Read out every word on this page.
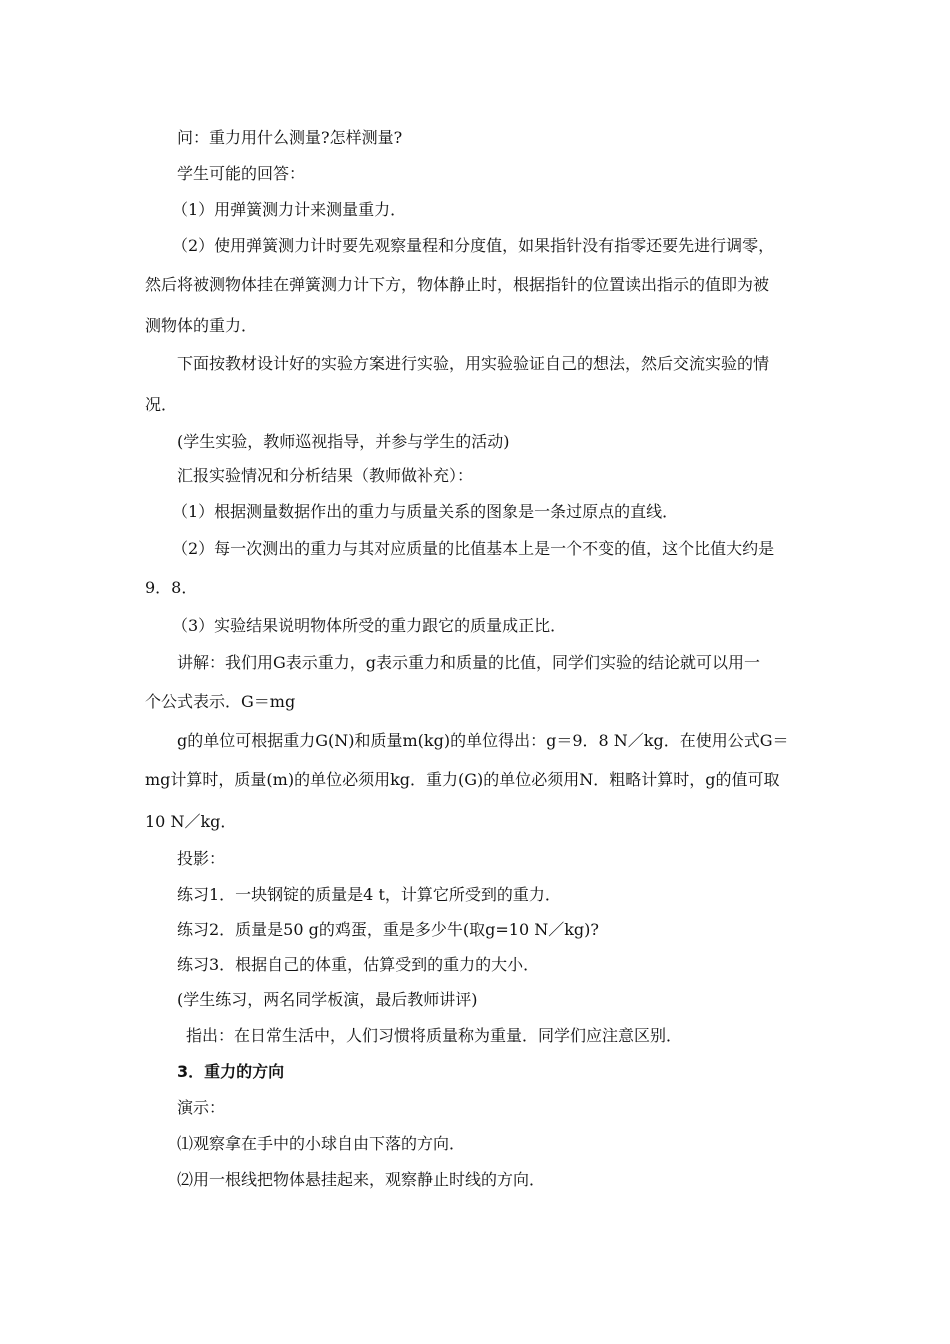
问：重力用什么测量?怎样测量?
学生可能的回答：
（1）用弹簧测力计来测量重力．
（2）使用弹簧测力计时要先观察量程和分度值，如果指针没有指零还要先进行调零，
然后将被测物体挂在弹簧测力计下方，物体静止时，根据指针的位置读出指示的值即为被
测物体的重力．
下面按教材设计好的实验方案进行实验，用实验验证自己的想法，然后交流实验的情
况．
(学生实验，教师巡视指导，并参与学生的活动)
汇报实验情况和分析结果（教师做补充）：
（1）根据测量数据作出的重力与质量关系的图象是一条过原点的直线．
（2）每一次测出的重力与其对应质量的比值基本上是一个不变的值，这个比值大约是
9．8．
（3）实验结果说明物体所受的重力跟它的质量成正比．
讲解：我们用G表示重力，g表示重力和质量的比值，同学们实验的结论就可以用一
个公式表示．G＝mg
g的单位可根据重力G(N)和质量m(kg)的单位得出：g＝9．8 N／kg．在使用公式G＝
mg计算时，质量(m)的单位必须用kg．重力(G)的单位必须用N．粗略计算时，g的值可取
10 N／kg．
投影：
练习1．一块钢锭的质量是4 t，计算它所受到的重力．
练习2．质量是50 g的鸡蛋，重是多少牛(取g=10 N／kg)?
练习3．根据自己的体重，估算受到的重力的大小．
(学生练习，两名同学板演，最后教师讲评)
指出：在日常生活中，人们习惯将质量称为重量．同学们应注意区别．
3．重力的方向
演示：
⑴观察拿在手中的小球自由下落的方向．
⑵用一根线把物体悬挂起来，观察静止时线的方向．
